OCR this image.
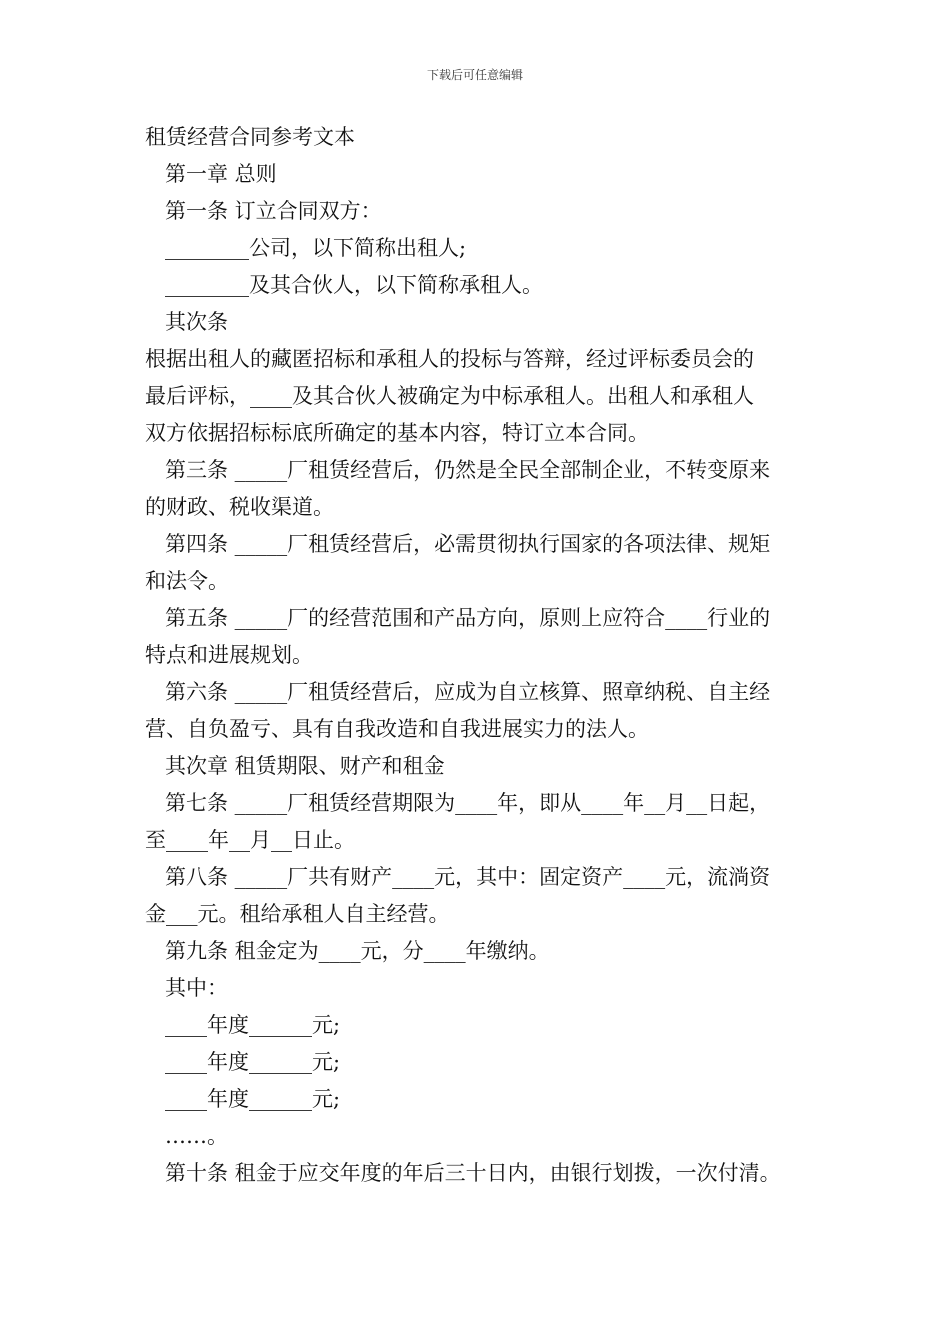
下载后可任意编辑
租赁经营合同参考文本
第一章 总则
第一条 订立合同双方：
________公司，以下简称出租人;
________及其合伙人，以下简称承租人。
其次条
根据出租人的藏匿招标和承租人的投标与答辩，经过评标委员会的
最后评标，____及其合伙人被确定为中标承租人。出租人和承租人
双方依据招标标底所确定的基本内容，特订立本合同。
第三条 _____厂租赁经营后，仍然是全民全部制企业，不转变原来
的财政、税收渠道。
第四条 _____厂租赁经营后，必需贯彻执行国家的各项法律、规矩
和法令。
第五条 _____厂的经营范围和产品方向，原则上应符合____行业的
特点和进展规划。
第六条 _____厂租赁经营后，应成为自立核算、照章纳税、自主经
营、自负盈亏、具有自我改造和自我进展实力的法人。
其次章 租赁期限、财产和租金
第七条 _____厂租赁经营期限为____年，即从____年__月__日起，
至____年__月__日止。
第八条 _____厂共有财产____元，其中：固定资产____元，流淌资
金___元。租给承租人自主经营。
第九条 租金定为____元，分____年缴纳。
其中：
____年度______元;
____年度______元;
____年度______元;
……。
第十条 租金于应交年度的年后三十日内，由银行划拨，一次付清。
